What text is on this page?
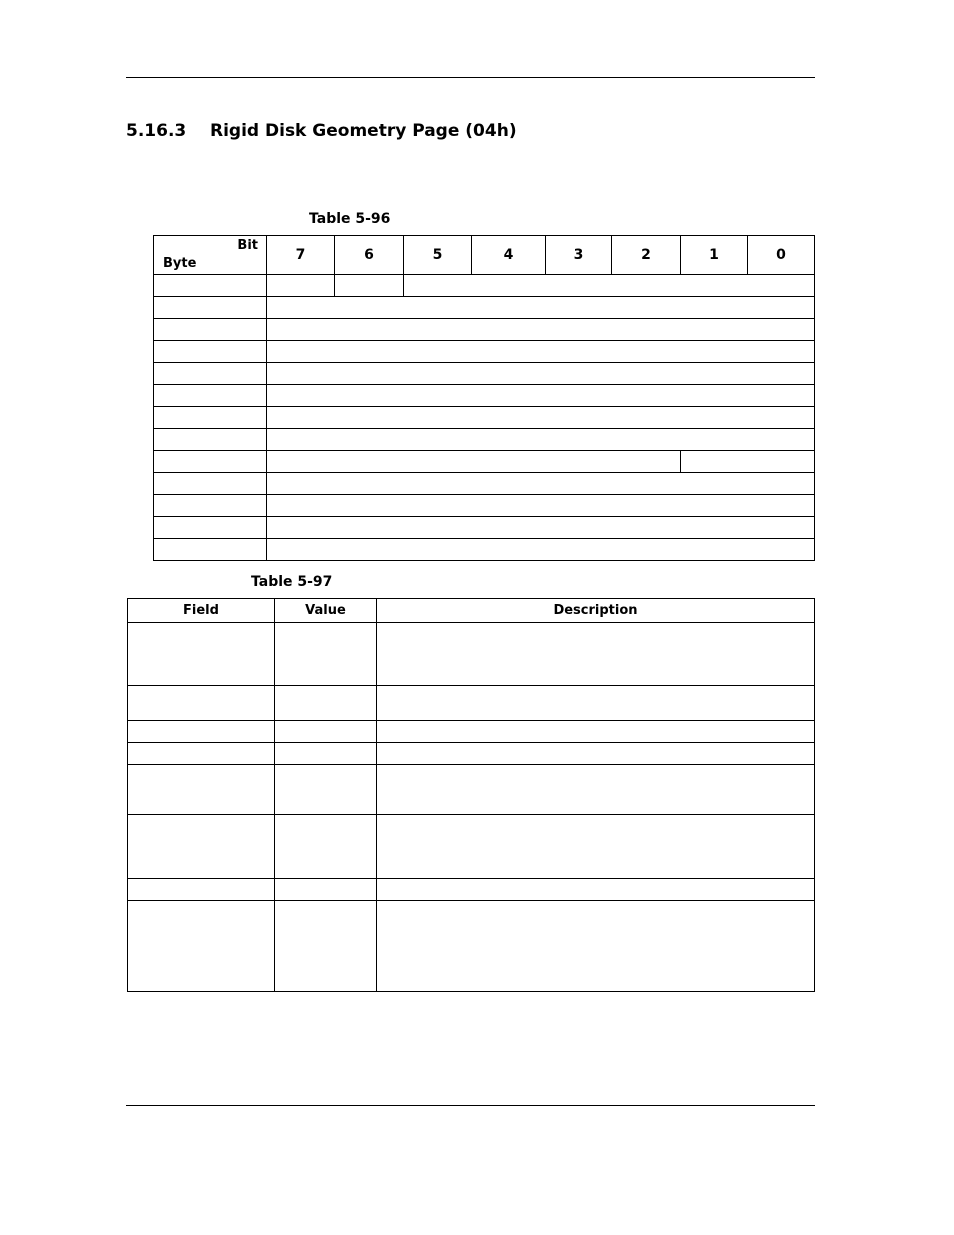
5.16.3 Rigid Disk Geometry Page (04h)
Table 5-96
Bit
Byte	7	6	5	4	3	2	1	0

Table 5-97
Field	Value	Description
